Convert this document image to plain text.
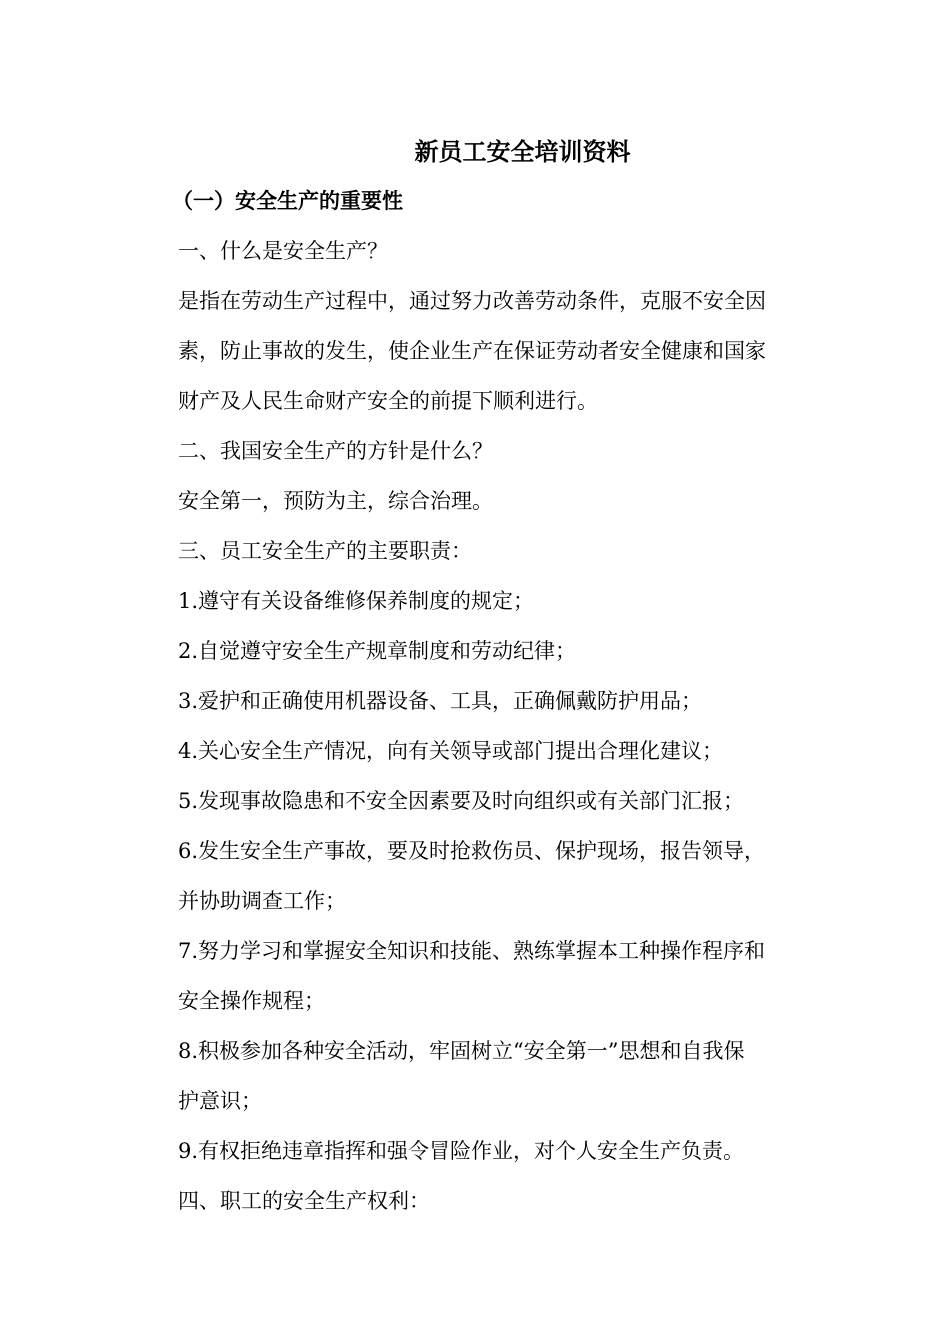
新员工安全培训资料
（一）安全生产的重要性
一、什么是安全生产？
是指在劳动生产过程中，通过努力改善劳动条件，克服不安全因
素，防止事故的发生，使企业生产在保证劳动者安全健康和国家
财产及人民生命财产安全的前提下顺利进行。
二、我国安全生产的方针是什么？
安全第一，预防为主，综合治理。
三、员工安全生产的主要职责：
1.遵守有关设备维修保养制度的规定；
2.自觉遵守安全生产规章制度和劳动纪律；
3.爱护和正确使用机器设备、工具，正确佩戴防护用品；
4.关心安全生产情况，向有关领导或部门提出合理化建议；
5.发现事故隐患和不安全因素要及时向组织或有关部门汇报；
6.发生安全生产事故，要及时抢救伤员、保护现场，报告领导，
并协助调查工作；
7.努力学习和掌握安全知识和技能、熟练掌握本工种操作程序和
安全操作规程；
8.积极参加各种安全活动，牢固树立“安全第一”思想和自我保
护意识；
9.有权拒绝违章指挥和强令冒险作业，对个人安全生产负责。
四、职工的安全生产权利：
